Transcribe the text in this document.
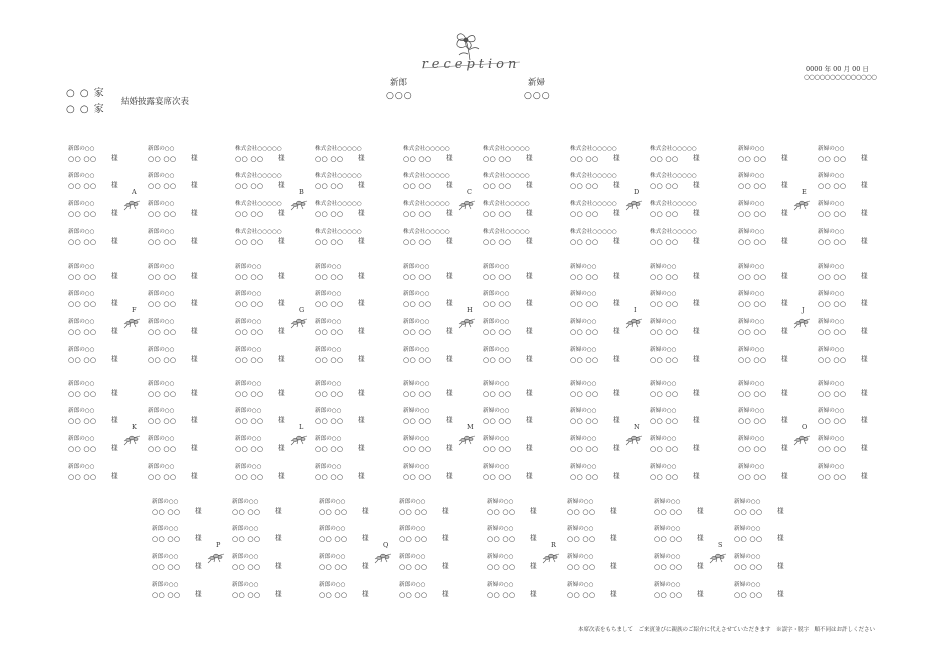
○ ○ 家
○ ○ 家
結婚披露宴席次表
reception
新郎
○○○
新婦
○○○
0000 年 00 月 00 日
○○○○○○○○○○○○○○
新郎の○○
○○ ○○ 様
新郎の○○
○○ ○○ 様
新郎の○○
○○ ○○ 様
新郎の○○
○○ ○○ 様
新郎の○○
○○ ○○ 様
新郎の○○
○○ ○○ 様
新郎の○○
○○ ○○ 様
新郎の○○
○○ ○○ 様
A
株式会社○○○○○
○○ ○○ 様
株式会社○○○○○
○○ ○○ 様
株式会社○○○○○
○○ ○○ 様
株式会社○○○○○
○○ ○○ 様
株式会社○○○○○
○○ ○○ 様
株式会社○○○○○
○○ ○○ 様
株式会社○○○○○
○○ ○○ 様
株式会社○○○○○
○○ ○○ 様
B
株式会社○○○○○
○○ ○○ 様
株式会社○○○○○
○○ ○○ 様
株式会社○○○○○
○○ ○○ 様
株式会社○○○○○
○○ ○○ 様
株式会社○○○○○
○○ ○○ 様
株式会社○○○○○
○○ ○○ 様
株式会社○○○○○
○○ ○○ 様
株式会社○○○○○
○○ ○○ 様
C
株式会社○○○○○
○○ ○○ 様
株式会社○○○○○
○○ ○○ 様
株式会社○○○○○
○○ ○○ 様
株式会社○○○○○
○○ ○○ 様
株式会社○○○○○
○○ ○○ 様
株式会社○○○○○
○○ ○○ 様
株式会社○○○○○
○○ ○○ 様
株式会社○○○○○
○○ ○○ 様
D
新婦の○○
○○ ○○ 様
新婦の○○
○○ ○○ 様
新婦の○○
○○ ○○ 様
新婦の○○
○○ ○○ 様
新婦の○○
○○ ○○ 様
新婦の○○
○○ ○○ 様
新婦の○○
○○ ○○ 様
新婦の○○
○○ ○○ 様
E
新郎の○○
○○ ○○ 様
新郎の○○
○○ ○○ 様
新郎の○○
○○ ○○ 様
新郎の○○
○○ ○○ 様
新郎の○○
○○ ○○ 様
新郎の○○
○○ ○○ 様
新郎の○○
○○ ○○ 様
新郎の○○
○○ ○○ 様
F
新郎の○○
○○ ○○ 様
新郎の○○
○○ ○○ 様
新郎の○○
○○ ○○ 様
新郎の○○
○○ ○○ 様
新郎の○○
○○ ○○ 様
新郎の○○
○○ ○○ 様
新郎の○○
○○ ○○ 様
新郎の○○
○○ ○○ 様
G
新郎の○○
○○ ○○ 様
新郎の○○
○○ ○○ 様
新郎の○○
○○ ○○ 様
新郎の○○
○○ ○○ 様
新郎の○○
○○ ○○ 様
新郎の○○
○○ ○○ 様
新郎の○○
○○ ○○ 様
新郎の○○
○○ ○○ 様
H
新婦の○○
○○ ○○ 様
新婦の○○
○○ ○○ 様
新婦の○○
○○ ○○ 様
新婦の○○
○○ ○○ 様
新婦の○○
○○ ○○ 様
新婦の○○
○○ ○○ 様
新婦の○○
○○ ○○ 様
新婦の○○
○○ ○○ 様
I
新婦の○○
○○ ○○ 様
新婦の○○
○○ ○○ 様
新婦の○○
○○ ○○ 様
新婦の○○
○○ ○○ 様
新婦の○○
○○ ○○ 様
新婦の○○
○○ ○○ 様
新婦の○○
○○ ○○ 様
新婦の○○
○○ ○○ 様
J
新郎の○○
○○ ○○ 様
新郎の○○
○○ ○○ 様
新郎の○○
○○ ○○ 様
新郎の○○
○○ ○○ 様
新郎の○○
○○ ○○ 様
新郎の○○
○○ ○○ 様
新郎の○○
○○ ○○ 様
新郎の○○
○○ ○○ 様
K
新郎の○○
○○ ○○ 様
新郎の○○
○○ ○○ 様
新郎の○○
○○ ○○ 様
新郎の○○
○○ ○○ 様
新郎の○○
○○ ○○ 様
新郎の○○
○○ ○○ 様
新郎の○○
○○ ○○ 様
新郎の○○
○○ ○○ 様
L
新婦の○○
○○ ○○ 様
新婦の○○
○○ ○○ 様
新婦の○○
○○ ○○ 様
新婦の○○
○○ ○○ 様
新婦の○○
○○ ○○ 様
新婦の○○
○○ ○○ 様
新婦の○○
○○ ○○ 様
新婦の○○
○○ ○○ 様
M
新婦の○○
○○ ○○ 様
新婦の○○
○○ ○○ 様
新婦の○○
○○ ○○ 様
新婦の○○
○○ ○○ 様
新婦の○○
○○ ○○ 様
新婦の○○
○○ ○○ 様
新婦の○○
○○ ○○ 様
新婦の○○
○○ ○○ 様
N
新婦の○○
○○ ○○ 様
新婦の○○
○○ ○○ 様
新婦の○○
○○ ○○ 様
新婦の○○
○○ ○○ 様
新婦の○○
○○ ○○ 様
新婦の○○
○○ ○○ 様
新婦の○○
○○ ○○ 様
新婦の○○
○○ ○○ 様
O
新郎の○○
○○ ○○ 様
新郎の○○
○○ ○○ 様
新郎の○○
○○ ○○ 様
新郎の○○
○○ ○○ 様
新郎の○○
○○ ○○ 様
新郎の○○
○○ ○○ 様
新郎の○○
○○ ○○ 様
新郎の○○
○○ ○○ 様
P
新郎の○○
○○ ○○ 様
新郎の○○
○○ ○○ 様
新郎の○○
○○ ○○ 様
新郎の○○
○○ ○○ 様
新郎の○○
○○ ○○ 様
新郎の○○
○○ ○○ 様
新郎の○○
○○ ○○ 様
新郎の○○
○○ ○○ 様
Q
新婦の○○
○○ ○○ 様
新婦の○○
○○ ○○ 様
新婦の○○
○○ ○○ 様
新婦の○○
○○ ○○ 様
新婦の○○
○○ ○○ 様
新婦の○○
○○ ○○ 様
新婦の○○
○○ ○○ 様
新婦の○○
○○ ○○ 様
R
新婦の○○
○○ ○○ 様
新婦の○○
○○ ○○ 様
新婦の○○
○○ ○○ 様
新婦の○○
○○ ○○ 様
新婦の○○
○○ ○○ 様
新婦の○○
○○ ○○ 様
新婦の○○
○○ ○○ 様
新婦の○○
○○ ○○ 様
S
本席次表をもちまして　ご来賓並びに親族のご紹介に代えさせていただきます　※誤字・脱字　順不同はお許しください
